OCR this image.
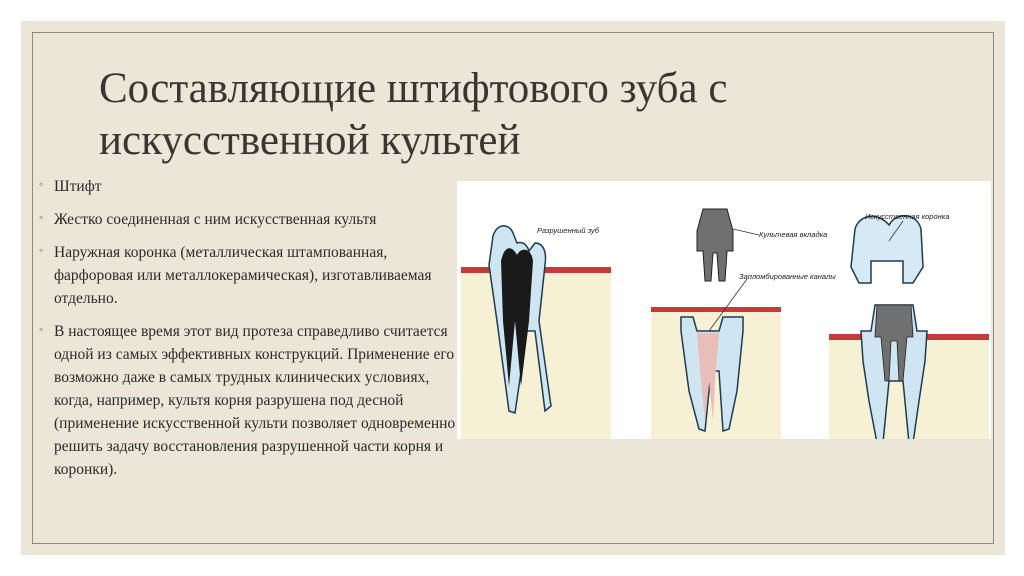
Составляющие штифтового зуба с искусственной культей
◦ Штифт
◦ Жестко соединенная с ним искусственная культя
◦ Наружная коронка (металлическая штампованная, фарфоровая или металлокерамическая), изготавливаемая отдельно.
◦ В настоящее время этот вид протеза справедливо считается одной из самых эффективных конструкций. Применение его возможно даже в самых трудных клинических условиях, когда, например, культя корня разрушена под десной (применение искусственной культи позволяет одновременно решить задачу восстановления разрушенной части корня и коронки).
Разрушенный зуб	Культевая вкладка
Запломбированные каналы
Искусственная коронка
